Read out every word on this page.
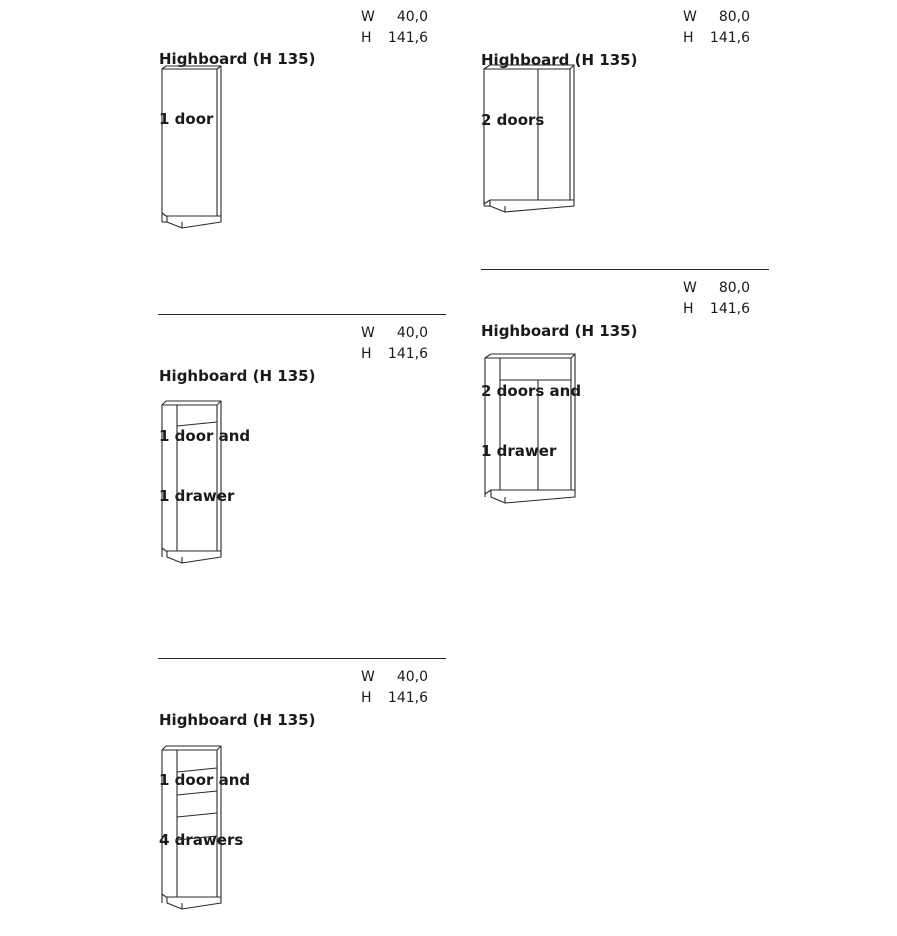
Highboard (H 135)

1 door

W 40,0
H 141,6

Highboard (H 135)

2 doors

W 80,0
H 141,6

Highboard (H 135)

2 doors and

1 drawer

W 80,0
H 141,6

Highboard (H 135)

1 door and

1 drawer

W 40,0
H 141,6

Highboard (H 135)

1 door and

4 drawers

W 40,0
H 141,6
